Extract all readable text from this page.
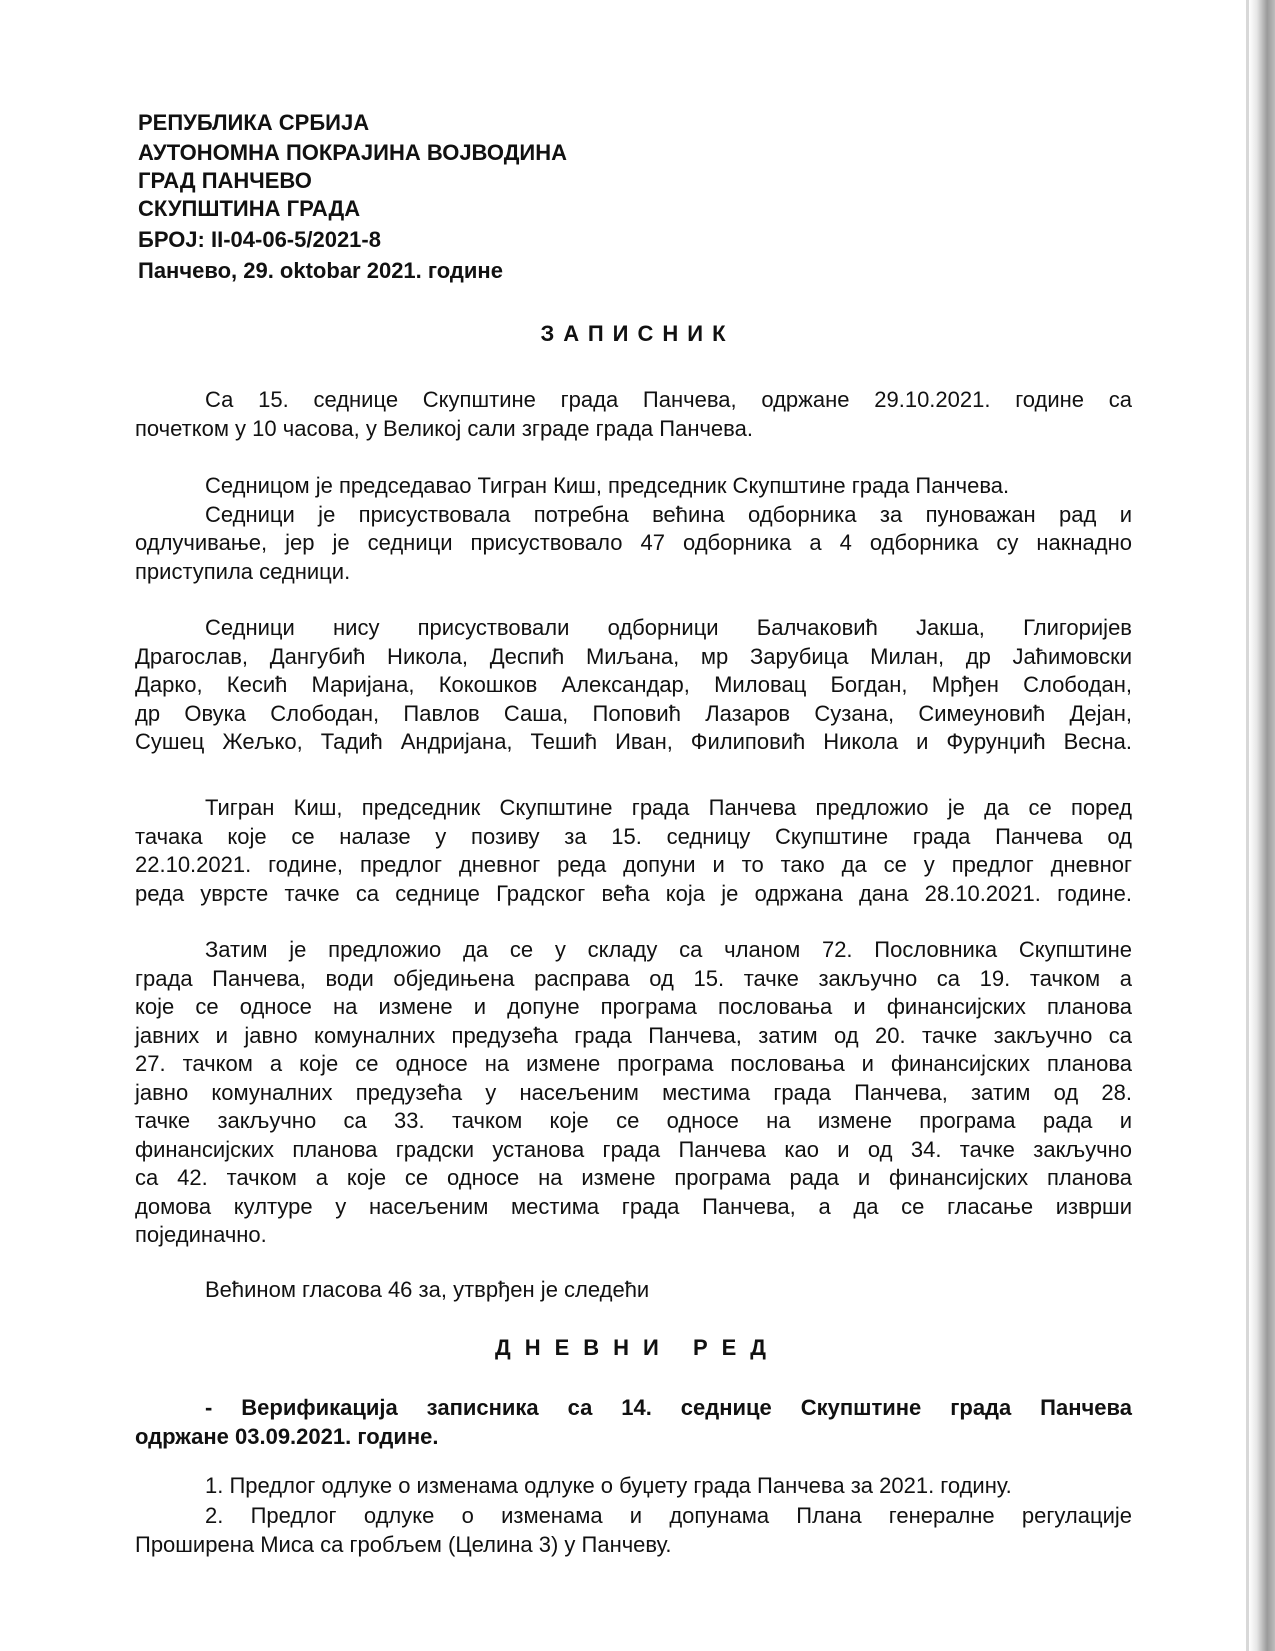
РЕПУБЛИКА СРБИЈА
АУТОНОМНА ПОКРАЈИНА ВОЈВОДИНА
ГРАД ПАНЧЕВО
СКУПШТИНА ГРАДА
БРОЈ: II-04-06-5/2021-8
Панчево, 29. oktobar 2021. године
ЗАПИСНИК
Са 15. седнице Скупштине града Панчева, одржане 29.10.2021. године са
почетком у 10 часова, у Великој сали зграде града Панчева.
Седницом је председавао Тигран Киш, председник Скупштине града Панчева.
Седници је присуствовала потребна већина одборника за пуноважан рад и
одлучивање, јер је седници присуствовало 47 одборника а 4 одборника су накнадно
приступила седници.
Седници нису присуствовали одборници Балчаковић Јакша, Глигоријев
Драгослав, Дангубић Никола, Деспић Миљана, мр Зарубица Милан, др Јаћимовски
Дарко, Кесић Маријана, Кокошков Александар, Миловац Богдан, Мрђен Слободан,
др Овука Слободан, Павлов Саша, Поповић Лазаров Сузана, Симеуновић Дејан,
Сушец Жељко, Тадић Андријана, Тешић Иван, Филиповић Никола и Фурунџић Весна.
Тигран Киш, председник Скупштине града Панчева предложио је да се поред
тачака које се налазе у позиву за 15. седницу Скупштине града Панчева од
22.10.2021. године, предлог дневног реда допуни и то тако да се у предлог дневног
реда уврсте тачке са седнице Градског већа која је одржана дана 28.10.2021. године.
Затим је предложио да се у складу са чланом 72. Пословника Скупштине
града Панчева, води обједињена расправа од 15. тачке закључно са 19. тачком а
које се односе на измене и допуне програма пословања и финансијских планова
јавних и јавно комуналних предузећа града Панчева, затим од 20. тачке закључно са
27. тачком а које се односе на измене програма пословања и финансијских планова
јавно комуналних предузећа у насељеним местима града Панчева, затим од 28.
тачке закључно са 33. тачком које се односе на измене програма рада и
финансијских планова градски установа града Панчева као и од 34. тачке закључно
са 42. тачком а које се односе на измене програма рада и финансијских планова
домова културе у насељеним местима града Панчева, а да се гласање изврши
појединачно.
Већином гласова 46 за, утврђен је следећи
ДНЕВНИ РЕД
- Верификација записника са 14. седнице Скупштине града Панчева
одржане 03.09.2021. године.
1. Предлог одлуке о изменама одлуке о буџету града Панчева за 2021. годину.
2. Предлог одлуке о изменама и допунама Плана генералне регулације
Проширена Миса са гробљем (Целина 3) у Панчеву.
